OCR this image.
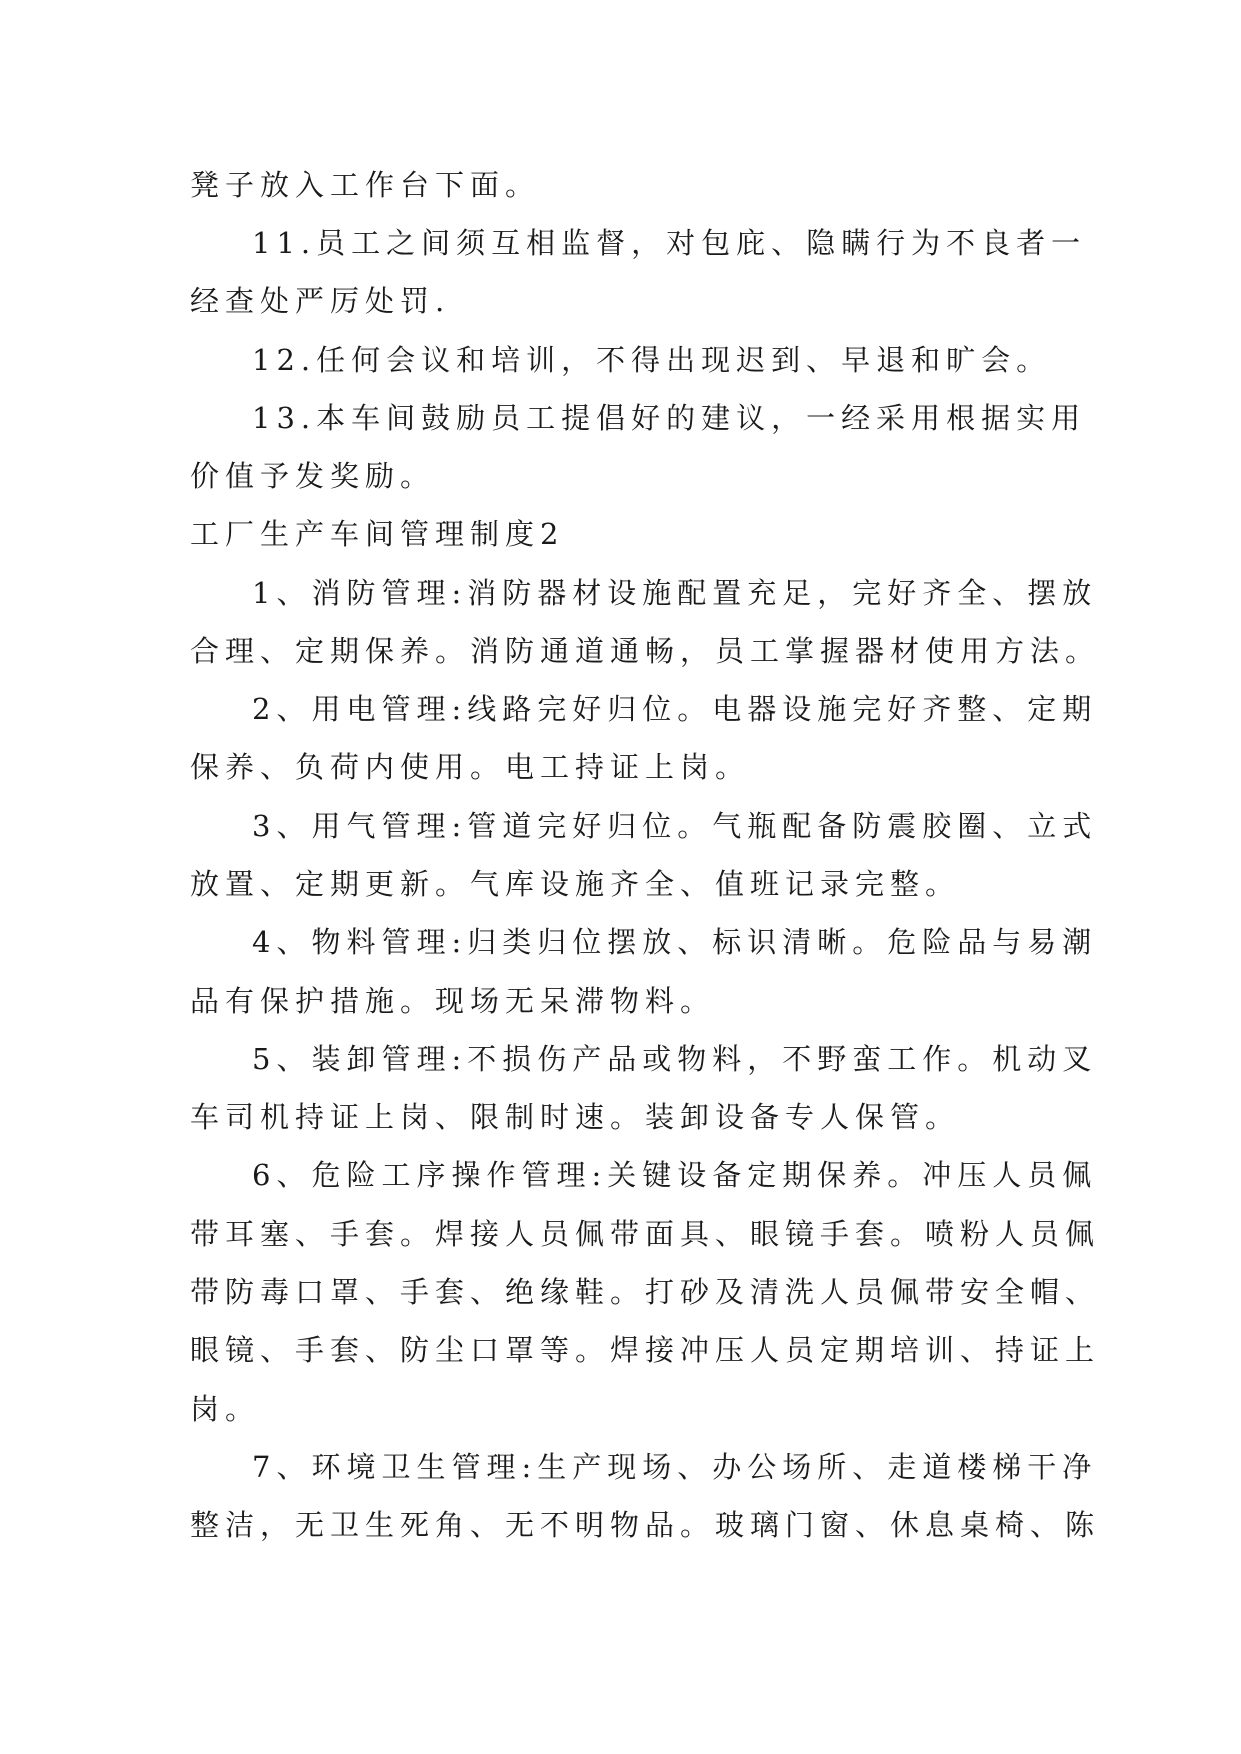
凳子放入工作台下面。
11.员工之间须互相监督，对包庇、隐瞒行为不良者一
经查处严厉处罚.
12.任何会议和培训，不得出现迟到、早退和旷会。
13.本车间鼓励员工提倡好的建议，一经采用根据实用
价值予发奖励。
工厂生产车间管理制度2
1、消防管理:消防器材设施配置充足，完好齐全、摆放
合理、定期保养。消防通道通畅，员工掌握器材使用方法。
2、用电管理:线路完好归位。电器设施完好齐整、定期
保养、负荷内使用。电工持证上岗。
3、用气管理:管道完好归位。气瓶配备防震胶圈、立式
放置、定期更新。气库设施齐全、值班记录完整。
4、物料管理:归类归位摆放、标识清晰。危险品与易潮
品有保护措施。现场无呆滞物料。
5、装卸管理:不损伤产品或物料，不野蛮工作。机动叉
车司机持证上岗、限制时速。装卸设备专人保管。
6、危险工序操作管理:关键设备定期保养。冲压人员佩
带耳塞、手套。焊接人员佩带面具、眼镜手套。喷粉人员佩
带防毒口罩、手套、绝缘鞋。打砂及清洗人员佩带安全帽、
眼镜、手套、防尘口罩等。焊接冲压人员定期培训、持证上
岗。
7、环境卫生管理:生产现场、办公场所、走道楼梯干净
整洁，无卫生死角、无不明物品。玻璃门窗、休息桌椅、陈
